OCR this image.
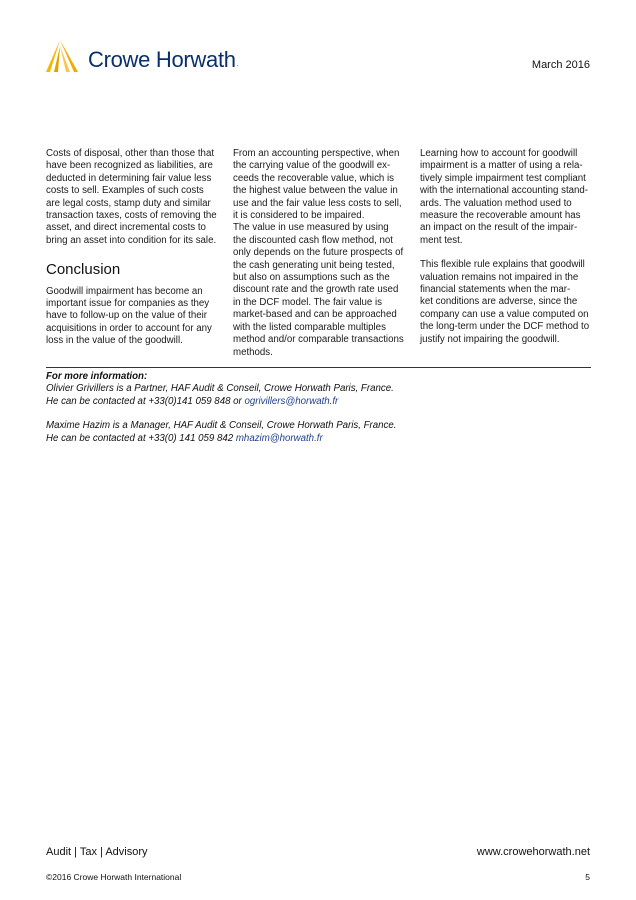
Crowe Horwath.	March 2016

Costs of disposal, other than those that
have been recognized as liabilities, are
deducted in determining fair value less
costs to sell. Examples of such costs
are legal costs, stamp duty and similar
transaction taxes, costs of removing the
asset, and direct incremental costs to
bring an asset into condition for its sale.

Conclusion

Goodwill impairment has become an
important issue for companies as they
have to follow-up on the value of their
acquisitions in order to account for any
loss in the value of the goodwill.

From an accounting perspective, when
the carrying value of the goodwill ex-
ceeds the recoverable value, which is
the highest value between the value in
use and the fair value less costs to sell,
it is considered to be impaired.

The value in use measured by using
the discounted cash flow method, not
only depends on the future prospects of
the cash generating unit being tested,
but also on assumptions such as the
discount rate and the growth rate used
in the DCF model. The fair value is
market-based and can be approached
with the listed comparable multiples
method and/or comparable transactions
methods.

Learning how to account for goodwill
impairment is a matter of using a rela-
tively simple impairment test compliant
with the international accounting stand-
ards. The valuation method used to
measure the recoverable amount has
an impact on the result of the impair-
ment test.

This flexible rule explains that goodwill
valuation remains not impaired in the
financial statements when the mar-
ket conditions are adverse, since the
company can use a value computed on
the long-term under the DCF method to
justify not impairing the goodwill.

For more information:
Olivier Grivillers is a Partner, HAF Audit & Conseil, Crowe Horwath Paris, France.
He can be contacted at +33(0)141 059 848 or ogrivillers@horwath.fr
Maxime Hazim is a Manager, HAF Audit & Conseil, Crowe Horwath Paris, France.
He can be contacted at +33(0) 141 059 842 mhazim@horwath.fr
Audit | Tax | Advisory	www.crowehorwath.net
©2016 Crowe Horwath International	5
